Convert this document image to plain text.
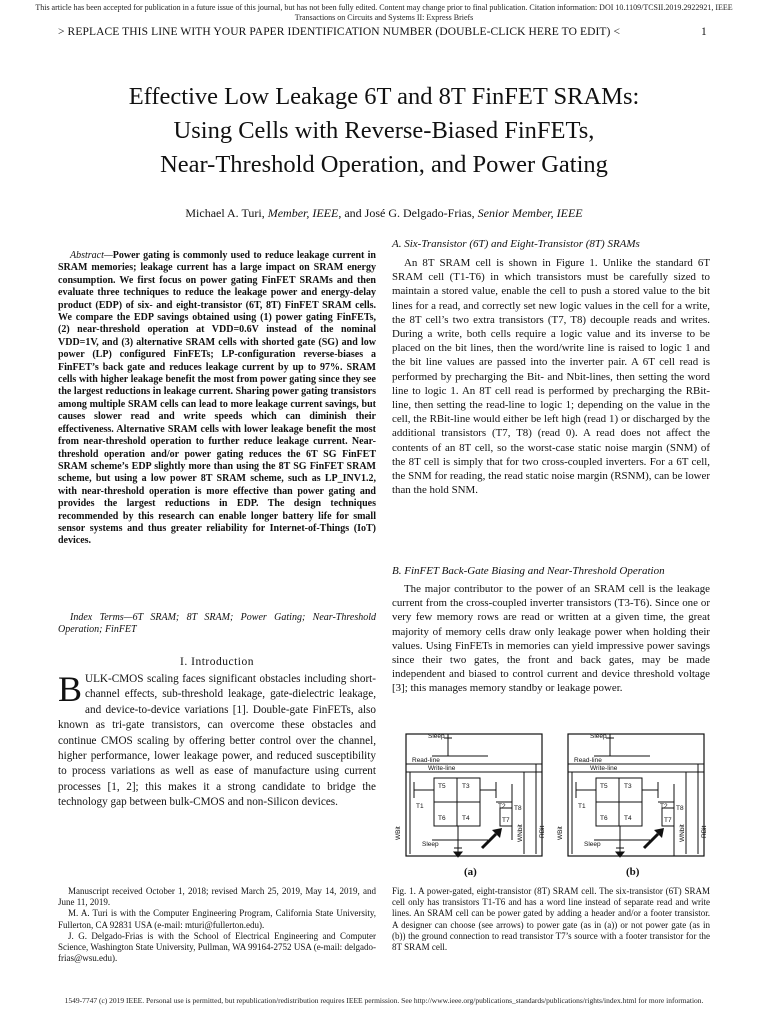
This article has been accepted for publication in a future issue of this journal, but has not been fully edited. Content may change prior to final publication. Citation information: DOI 10.1109/TCSII.2019.2922921, IEEE
Transactions on Circuits and Systems II: Express Briefs
> REPLACE THIS LINE WITH YOUR PAPER IDENTIFICATION NUMBER (DOUBLE-CLICK HERE TO EDIT) <	1
Effective Low Leakage 6T and 8T FinFET SRAMs:
Using Cells with Reverse-Biased FinFETs,
Near-Threshold Operation, and Power Gating
Michael A. Turi, Member, IEEE, and José G. Delgado-Frias, Senior Member, IEEE
Abstract—Power gating is commonly used to reduce leakage current in SRAM memories; leakage current has a large impact on SRAM energy consumption. We first focus on power gating FinFET SRAMs and then evaluate three techniques to reduce the leakage power and energy-delay product (EDP) of six- and eight-transistor (6T, 8T) FinFET SRAM cells. We compare the EDP savings obtained using (1) power gating FinFETs, (2) near-threshold operation at VDD=0.6V instead of the nominal VDD=1V, and (3) alternative SRAM cells with shorted gate (SG) and low power (LP) configured FinFETs; LP-configuration reverse-biases a FinFET’s back gate and reduces leakage current by up to 97%. SRAM cells with higher leakage benefit the most from power gating since they see the largest reductions in leakage current. Sharing power gating transistors among multiple SRAM cells can lead to more leakage current savings, but causes slower read and write speeds which can diminish their effectiveness. Alternative SRAM cells with lower leakage benefit the most from near-threshold operation to further reduce leakage current. Near-threshold operation and/or power gating reduces the 6T SG FinFET SRAM scheme’s EDP slightly more than using the 8T SG FinFET SRAM scheme, but using a low power 8T SRAM scheme, such as LP_INV1.2, with near-threshold operation is more effective than power gating and provides the largest reductions in EDP. The design techniques recommended by this research can enable longer battery life for small sensor systems and thus greater reliability for Internet-of-Things (IoT) devices.
Index Terms—6T SRAM; 8T SRAM; Power Gating; Near-Threshold Operation; FinFET
I. Introduction
BULK-CMOS scaling faces significant obstacles including short-channel effects, sub-threshold leakage, gate-dielectric leakage, and device-to-device variations [1]. Double-gate FinFETs, also known as tri-gate transistors, can overcome these obstacles and continue CMOS scaling by offering better control over the channel, higher performance, lower leakage power, and reduced susceptibility to process variations as well as ease of manufacture using current processes [1, 2]; this makes it a strong candidate to bridge the technology gap between bulk-CMOS and non-Silicon devices.

Manuscript received October 1, 2018; revised March 25, 2019, May 14, 2019, and June 11, 2019.

M. A. Turi is with the Computer Engineering Program, California State University, Fullerton, CA 92831 USA (e-mail: mturi@fullerton.edu).

J. G. Delgado-Frias is with the School of Electrical Engineering and Computer Science, Washington State University, Pullman, WA 99164-2752 USA (e-mail: delgado-frias@wsu.edu).

A. Six-Transistor (6T) and Eight-Transistor (8T) SRAMs

An 8T SRAM cell is shown in Figure 1. Unlike the standard 6T SRAM cell (T1-T6) in which transistors must be carefully sized to maintain a stored value, enable the cell to push a stored value to the bit lines for a read, and correctly set new logic values in the cell for a write, the 8T cell’s two extra transistors (T7, T8) decouple reads and writes. During a write, both cells require a logic value and its inverse to be placed on the bit lines, then the word/write line is raised to logic 1 and the bit line values are passed into the inverter pair. A 6T cell read is performed by precharging the Bit- and Nbit-lines, then setting the word line to logic 1. An 8T cell read is performed by precharging the RBit-line, then setting the read-line to logic 1; depending on the value in the cell, the RBit-line would either be left high (read 1) or discharged by the additional transistors (T7, T8) (read 0). A read does not affect the contents of an 8T cell, so the worst-case static noise margin (SNM) of the 8T cell is simply that for two cross-coupled inverters. For a 6T cell, the SNM for reading, the read static noise margin (RSNM), can be lower than the hold SNM.

B. FinFET Back-Gate Biasing and Near-Threshold Operation

The major contributor to the power of an SRAM cell is the leakage current from the cross-coupled inverter transistors (T3-T6). Since one or very few memory rows are read or written at a given time, the great majority of memory cells draw only leakage power when holding their values. Using FinFETs in memories can yield impressive power savings since their two gates, the front and back gates, may be made independent and biased to control current and device threshold voltage [3]; this manages memory standby or leakage power.

Sleep
Read-line
Write-line
T5	T3
T1	T2
T6	T4
T8
T7
Sleep
WBit	WNbit RBit
Sleep
Read-line
Write-line
T5	T3
T1	T2
T6	T4
T8
T7
Sleep
WBit	WNbit RBit
(a)	(b)

Fig. 1. A power-gated, eight-transistor (8T) SRAM cell. The six-transistor (6T) SRAM cell only has transistors T1-T6 and has a word line instead of separate read and write lines. An SRAM cell can be power gated by adding a header and/or a footer transistor. A designer can choose (see arrows) to power gate (as in (a)) or not power gate (as in (b)) the ground connection to read transistor T7’s source with a footer transistor for the 8T SRAM cell.

1549-7747 (c) 2019 IEEE. Personal use is permitted, but republication/redistribution requires IEEE permission. See http://www.ieee.org/publications_standards/publications/rights/index.html for more information.
